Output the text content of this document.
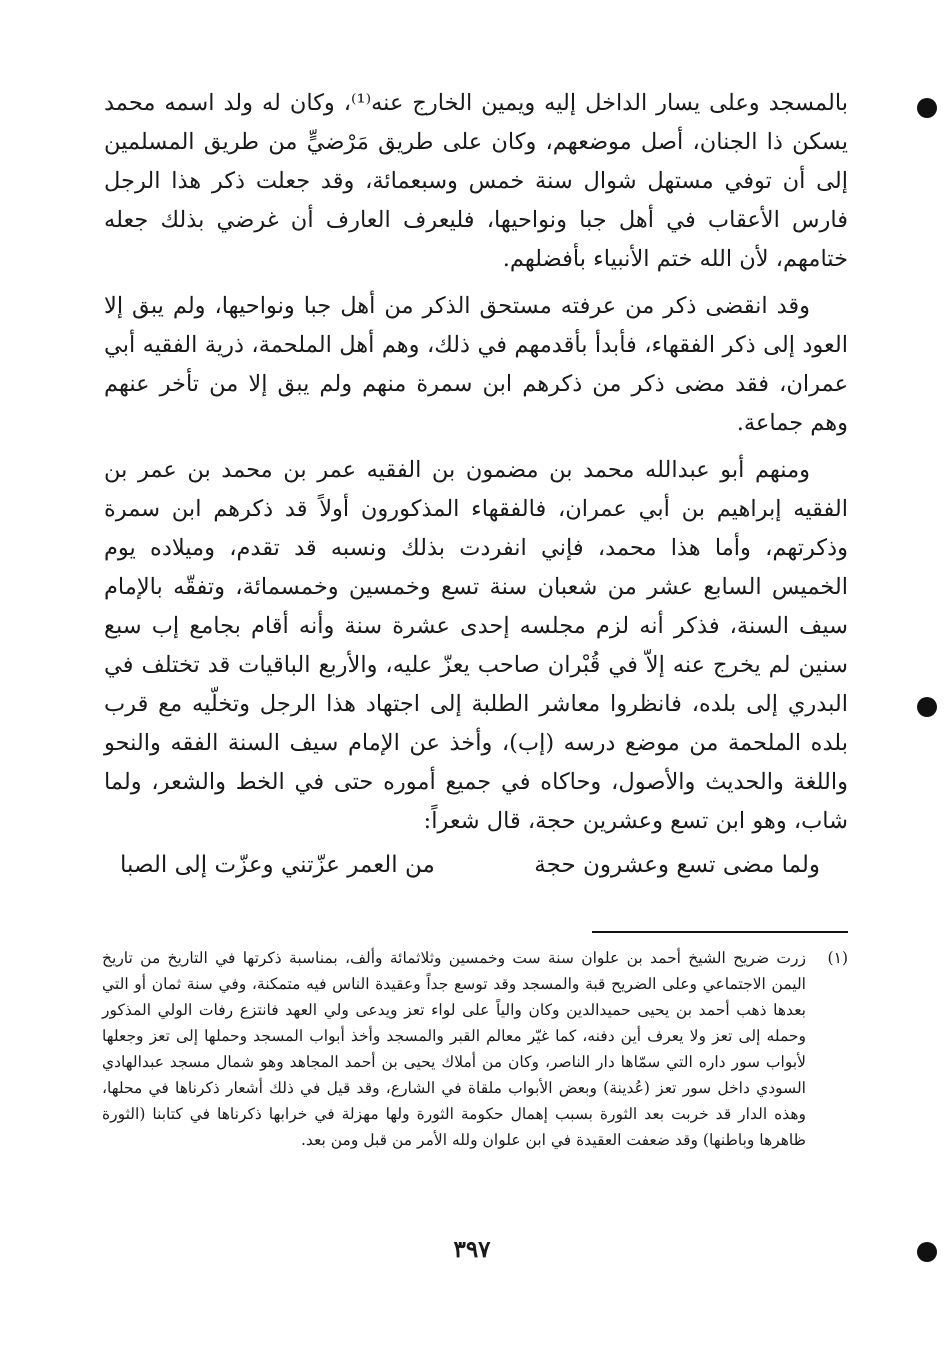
بالمسجد وعلى يسار الداخل إليه ويمين الخارج عنه⁽¹⁾، وكان له ولد اسمه محمد يسكن ذا الجنان، أصل موضعهم، وكان على طريق مَرْضيٍّ من طريق المسلمين إلى أن توفي مستهل شوال سنة خمس وسبعمائة، وقد جعلت ذكر هذا الرجل فارس الأعقاب في أهل جبا ونواحيها، فليعرف العارف أن غرضي بذلك جعله ختامهم، لأن الله ختم الأنبياء بأفضلهم.

وقد انقضى ذكر من عرفته مستحق الذكر من أهل جبا ونواحيها، ولم يبق إلا العود إلى ذكر الفقهاء، فأبدأ بأقدمهم في ذلك، وهم أهل الملحمة، ذرية الفقيه أبي عمران، فقد مضى ذكر من ذكرهم ابن سمرة منهم ولم يبق إلا من تأخر عنهم وهم جماعة.

ومنهم أبو عبدالله محمد بن مضمون بن الفقيه عمر بن محمد بن عمر بن الفقيه إبراهيم بن أبي عمران، فالفقهاء المذكورون أولاً قد ذكرهم ابن سمرة وذكرتهم، وأما هذا محمد، فإني انفردت بذلك ونسبه قد تقدم، وميلاده يوم الخميس السابع عشر من شعبان سنة تسع وخمسين وخمسمائة، وتفقّه بالإمام سيف السنة، فذكر أنه لزم مجلسه إحدى عشرة سنة وأنه أقام بجامع إب سبع سنين لم يخرج عنه إلاّ في قُبْران صاحب يعزّ عليه، والأربع الباقيات قد تختلف في البدري إلى بلده، فانظروا معاشر الطلبة إلى اجتهاد هذا الرجل وتخلّيه مع قرب بلده الملحمة من موضع درسه (إب)، وأخذ عن الإمام سيف السنة الفقه والنحو واللغة والحديث والأصول، وحاكاه في جميع أموره حتى في الخط والشعر، ولما شاب، وهو ابن تسع وعشرين حجة، قال شعراً:

ولما مضى تسع وعشرون حجة
من العمر عزّتني وعزّت إلى الصبا
(١)
زرت ضريح الشيخ أحمد بن علوان سنة ست وخمسين وثلاثمائة وألف، بمناسبة ذكرتها في التاريخ من تاريخ اليمن الاجتماعي وعلى الضريح قبة والمسجد وقد توسع جداً وعقيدة الناس فيه متمكنة، وفي سنة ثمان أو التي بعدها ذهب أحمد بن يحيى حميدالدين وكان والياً على لواء تعز ويدعى ولي العهد فانتزع رفات الولي المذكور وحمله إلى تعز ولا يعرف أين دفنه، كما غيّر معالم القبر والمسجد وأخذ أبواب المسجد وحملها إلى تعز وجعلها لأبواب سور داره التي سمّاها دار الناصر، وكان من أملاك يحيى بن أحمد المجاهد وهو شمال مسجد عبدالهادي السودي داخل سور تعز (عُدينة) وبعض الأبواب ملقاة في الشارع، وقد قيل في ذلك أشعار ذكرناها في محلها، وهذه الدار قد خربت بعد الثورة بسبب إهمال حكومة الثورة ولها مهزلة في خرابها ذكرناها في كتابنا (الثورة ظاهرها وباطنها) وقد ضعفت العقيدة في ابن علوان ولله الأمر من قبل ومن بعد.
٣٩٧
